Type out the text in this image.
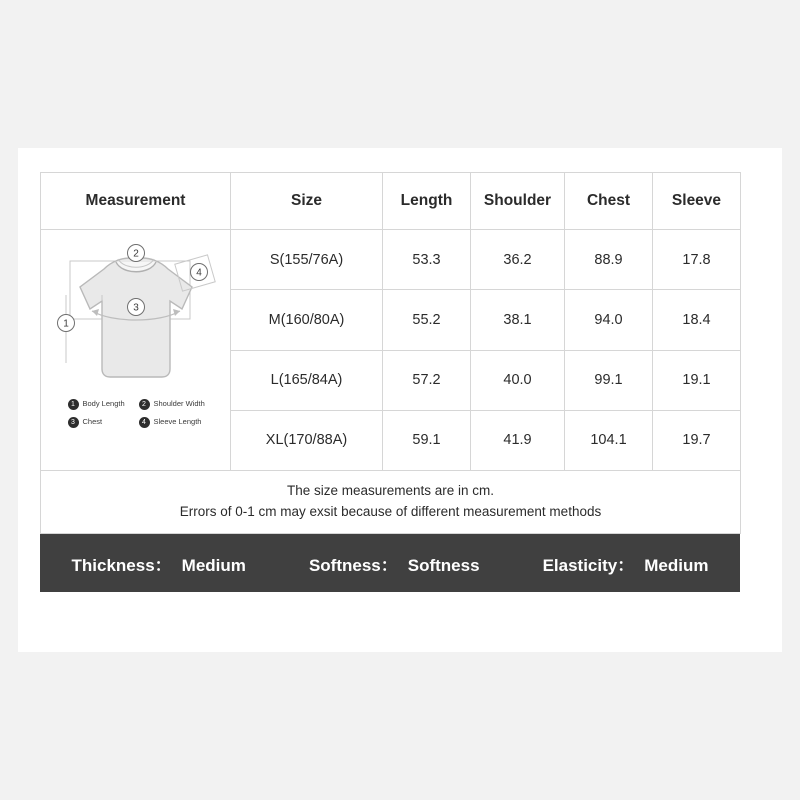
Measurement	Size	Length	Shoulder	Chest	Sleeve

1
2
3
4
1	Body Length	2	Shoulder Width
3	Chest	4	Sleeve Length
	S(155/76A)	53.3	36.2	88.9	17.8
	M(160/80A)	55.2	38.1	94.0	18.4
	L(165/84A)	57.2	40.0	99.1	19.1
	XL(170/88A)	59.1	41.9	104.1	19.7

The size measurements are in cm.
Errors of 0-1 cm may exsit because of different measurement methods					
Thickness： Medium	Softness： Softness	Elasticity： Medium
